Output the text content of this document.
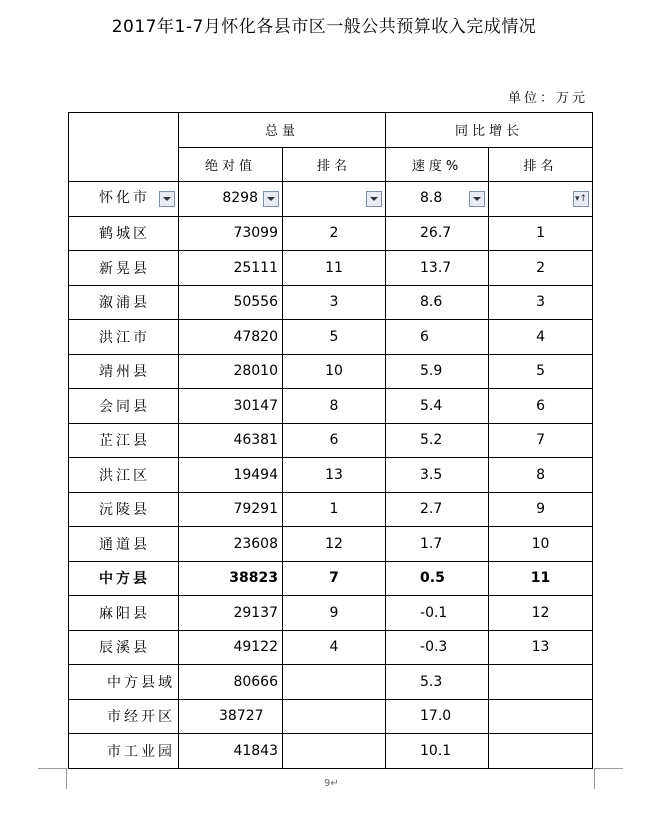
2017年1-7月怀化各县市区一般公共预算收入完成情况
单位：万元
	总量		同比增长	
	绝对值	排名	速度%	排名

怀化市	8298		8.8	▾↑

鹤城区	73099	2	26.7	1
新晃县	25111	11	13.7	2
溆浦县	50556	3	8.6	3
洪江市	47820	5	6	4
靖州县	28010	10	5.9	5
会同县	30147	8	5.4	6
芷江县	46381	6	5.2	7
洪江区	19494	13	3.5	8
沅陵县	79291	1	2.7	9
通道县	23608	12	1.7	10
中方县	38823	7	0.5	11
麻阳县	29137	9	-0.1	12
辰溪县	49122	4	-0.3	13
中方县域	80666		5.3	
市经开区	38727		17.0	
市工业园	41843		10.1	
9↵
